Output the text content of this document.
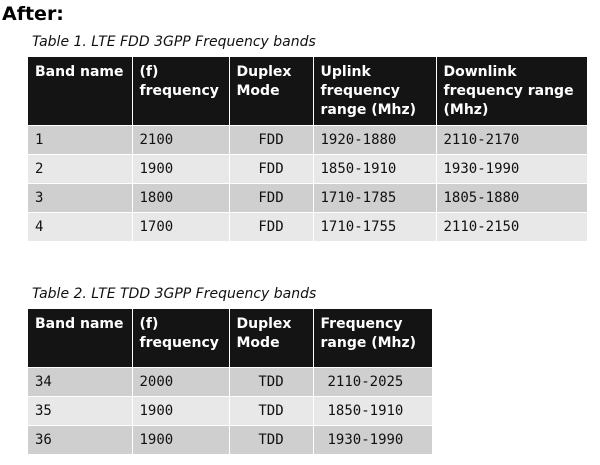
After:
Table 1. LTE FDD 3GPP Frequency bands
Band name	(f) frequency	Duplex Mode	Uplink frequency range (Mhz)	Downlink frequency range (Mhz)
1	2100	FDD	1920-1880	2110-2170
2	1900	FDD	1850-1910	1930-1990
3	1800	FDD	1710-1785	1805-1880
4	1700	FDD	1710-1755	2110-2150
Table 2. LTE TDD 3GPP Frequency bands
Band name	(f) frequency	Duplex Mode	Frequency range (Mhz)
34	2000	TDD	2110-2025
35	1900	TDD	1850-1910
36	1900	TDD	1930-1990
